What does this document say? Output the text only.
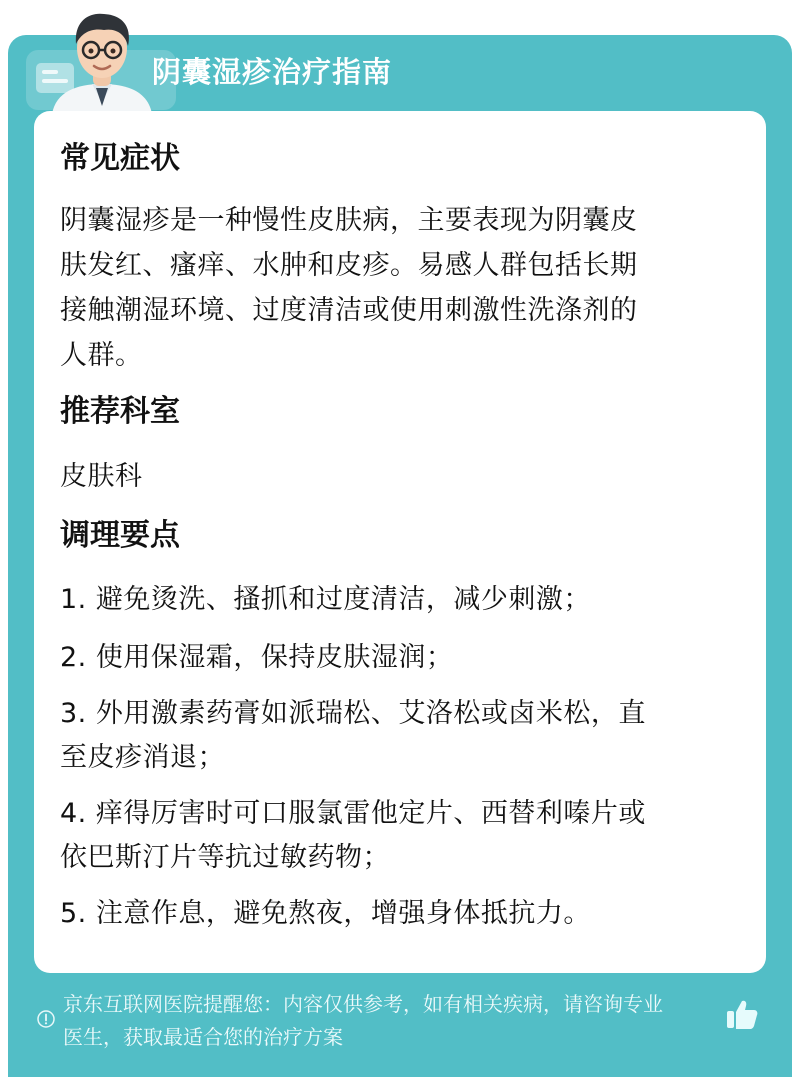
阴囊湿疹治疗指南
常见症状
阴囊湿疹是一种慢性皮肤病，主要表现为阴囊皮
肤发红、瘙痒、水肿和皮疹。易感人群包括长期
接触潮湿环境、过度清洁或使用刺激性洗涤剂的
人群。
推荐科室
皮肤科
调理要点
1. 避免烫洗、搔抓和过度清洁，减少刺激；
2. 使用保湿霜，保持皮肤湿润；
3. 外用激素药膏如派瑞松、艾洛松或卤米松，直
至皮疹消退；
4. 痒得厉害时可口服氯雷他定片、西替利嗪片或
依巴斯汀片等抗过敏药物；
5. 注意作息，避免熬夜，增强身体抵抗力。
京东互联网医院提醒您：内容仅供参考，如有相关疾病，请咨询专业
医生，获取最适合您的治疗方案
